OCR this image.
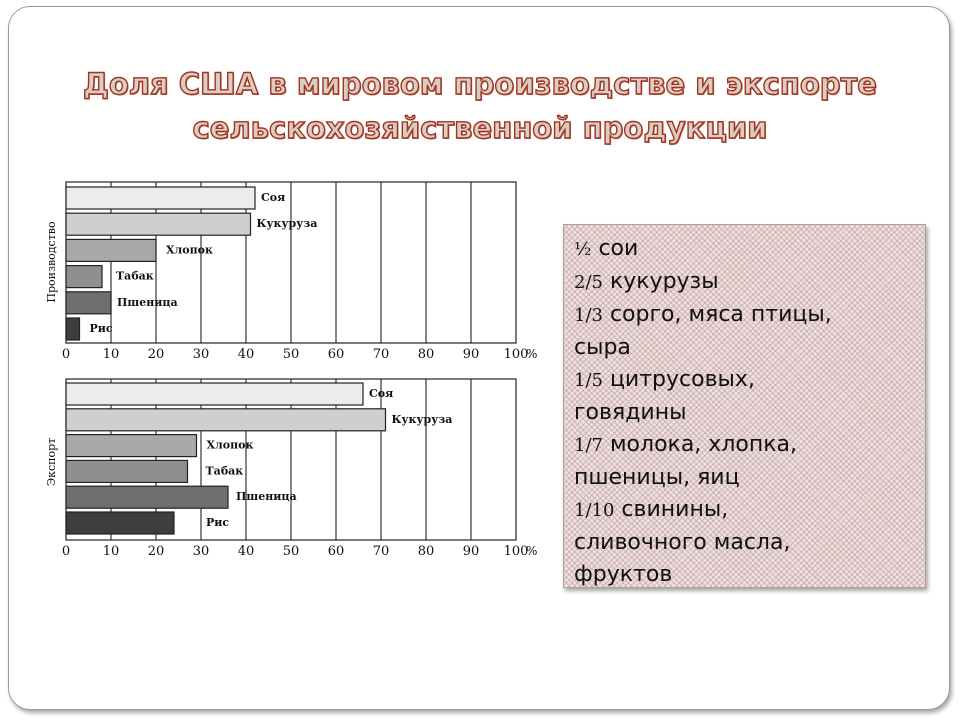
Доля США в мировом производстве и экспорте
сельскохозяйственной продукции
Соя
Кукуруза
Хлопок
Табак
Пшеница
Рис
0	10 20 30 40 50 60 70 80 90 100
%
Производство
Соя
Кукуруза
Хлопок
Табак
Пшеница
Рис
0	10 20 30 40 50 60 70 80 90 100
%
Экспорт
½ сои
2/5 кукурузы
1/3 сорго, мяса птицы,
сыра
1/5 цитрусовых,
говядины
1/7 молока, хлопка,
пшеницы, яиц
1/10 свинины,
сливочного масла,
фруктов
